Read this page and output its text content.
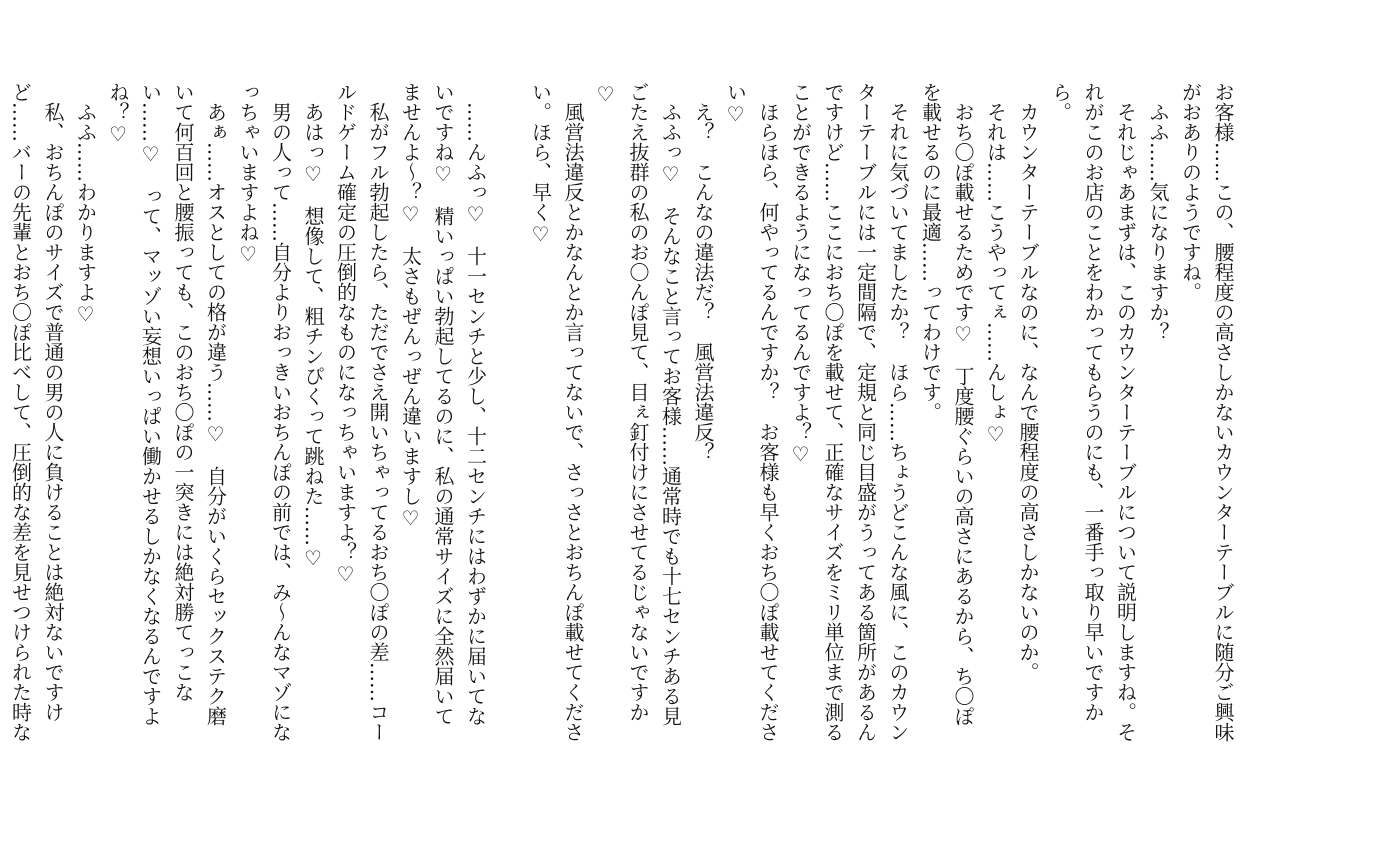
お客様……この、腰程度の高さしかないカウンターテーブルに随分ご興味がおありのようですね。

　ふふ……気になりますか？

　それじゃあまずは、このカウンターテーブルについて説明しますね。それがこのお店のことをわかってもらうのにも、一番手っ取り早いですから。

　カウンターテーブルなのに、なんで腰程度の高さしかないのか。

　それは……こうやってぇ……んしょ♡

　おち〇ぽ載せるためです♡　丁度腰ぐらいの高さにあるから、ち〇ぽを載せるのに最適……ってわけです。

　それに気づいてましたか？　ほら……ちょうどこんな風に、このカウンターテーブルには一定間隔で、定規と同じ目盛がうってある箇所があるんですけど……ここにおち〇ぽを載せて、正確なサイズをミリ単位まで測ることができるようになってるんですよ？♡

　ほらほら、何やってるんですか？　お客様も早くおち〇ぽ載せてください♡

　え？　こんなの違法だ？　風営法違反？

　ふふっ♡　そんなこと言ってお客様……通常時でも十七センチある見ごたえ抜群の私のお〇んぽ見て、目ぇ釘付けにさせてるじゃないですか♡

　風営法違反とかなんとか言ってないで、さっさとおちんぽ載せてください。ほら、早く♡

　……んふっ♡　十一センチと少し、十二センチにはわずかに届いてないですね♡　精いっぱい勃起してるのに、私の通常サイズに全然届いてませんよ～？♡　太さもぜんっぜん違いますし♡

　私がフル勃起したら、ただでさえ開いちゃってるおち〇ぽの差……コールドゲーム確定の圧倒的なものになっちゃいますよ？♡

　あはっ♡　想像して、粗チンぴくって跳ねた……♡

　男の人って……自分よりおっきいおちんぽの前では、み～んなマゾになっちゃいますよね♡

　あぁ……オスとしての格が違う……♡　自分がいくらセックステク磨いて何百回と腰振っても、このおち〇ぽの一突きには絶対勝てっこない……♡　って、マッゾい妄想いっぱい働かせるしかなくなるんですよね？♡

　ふふ……わかりますよ♡

　私、おちんぽのサイズで普通の男の人に負けることは絶対ないですけど……バーの先輩とおち〇ぽ比べして、圧倒的な差を見せつけられた時な
